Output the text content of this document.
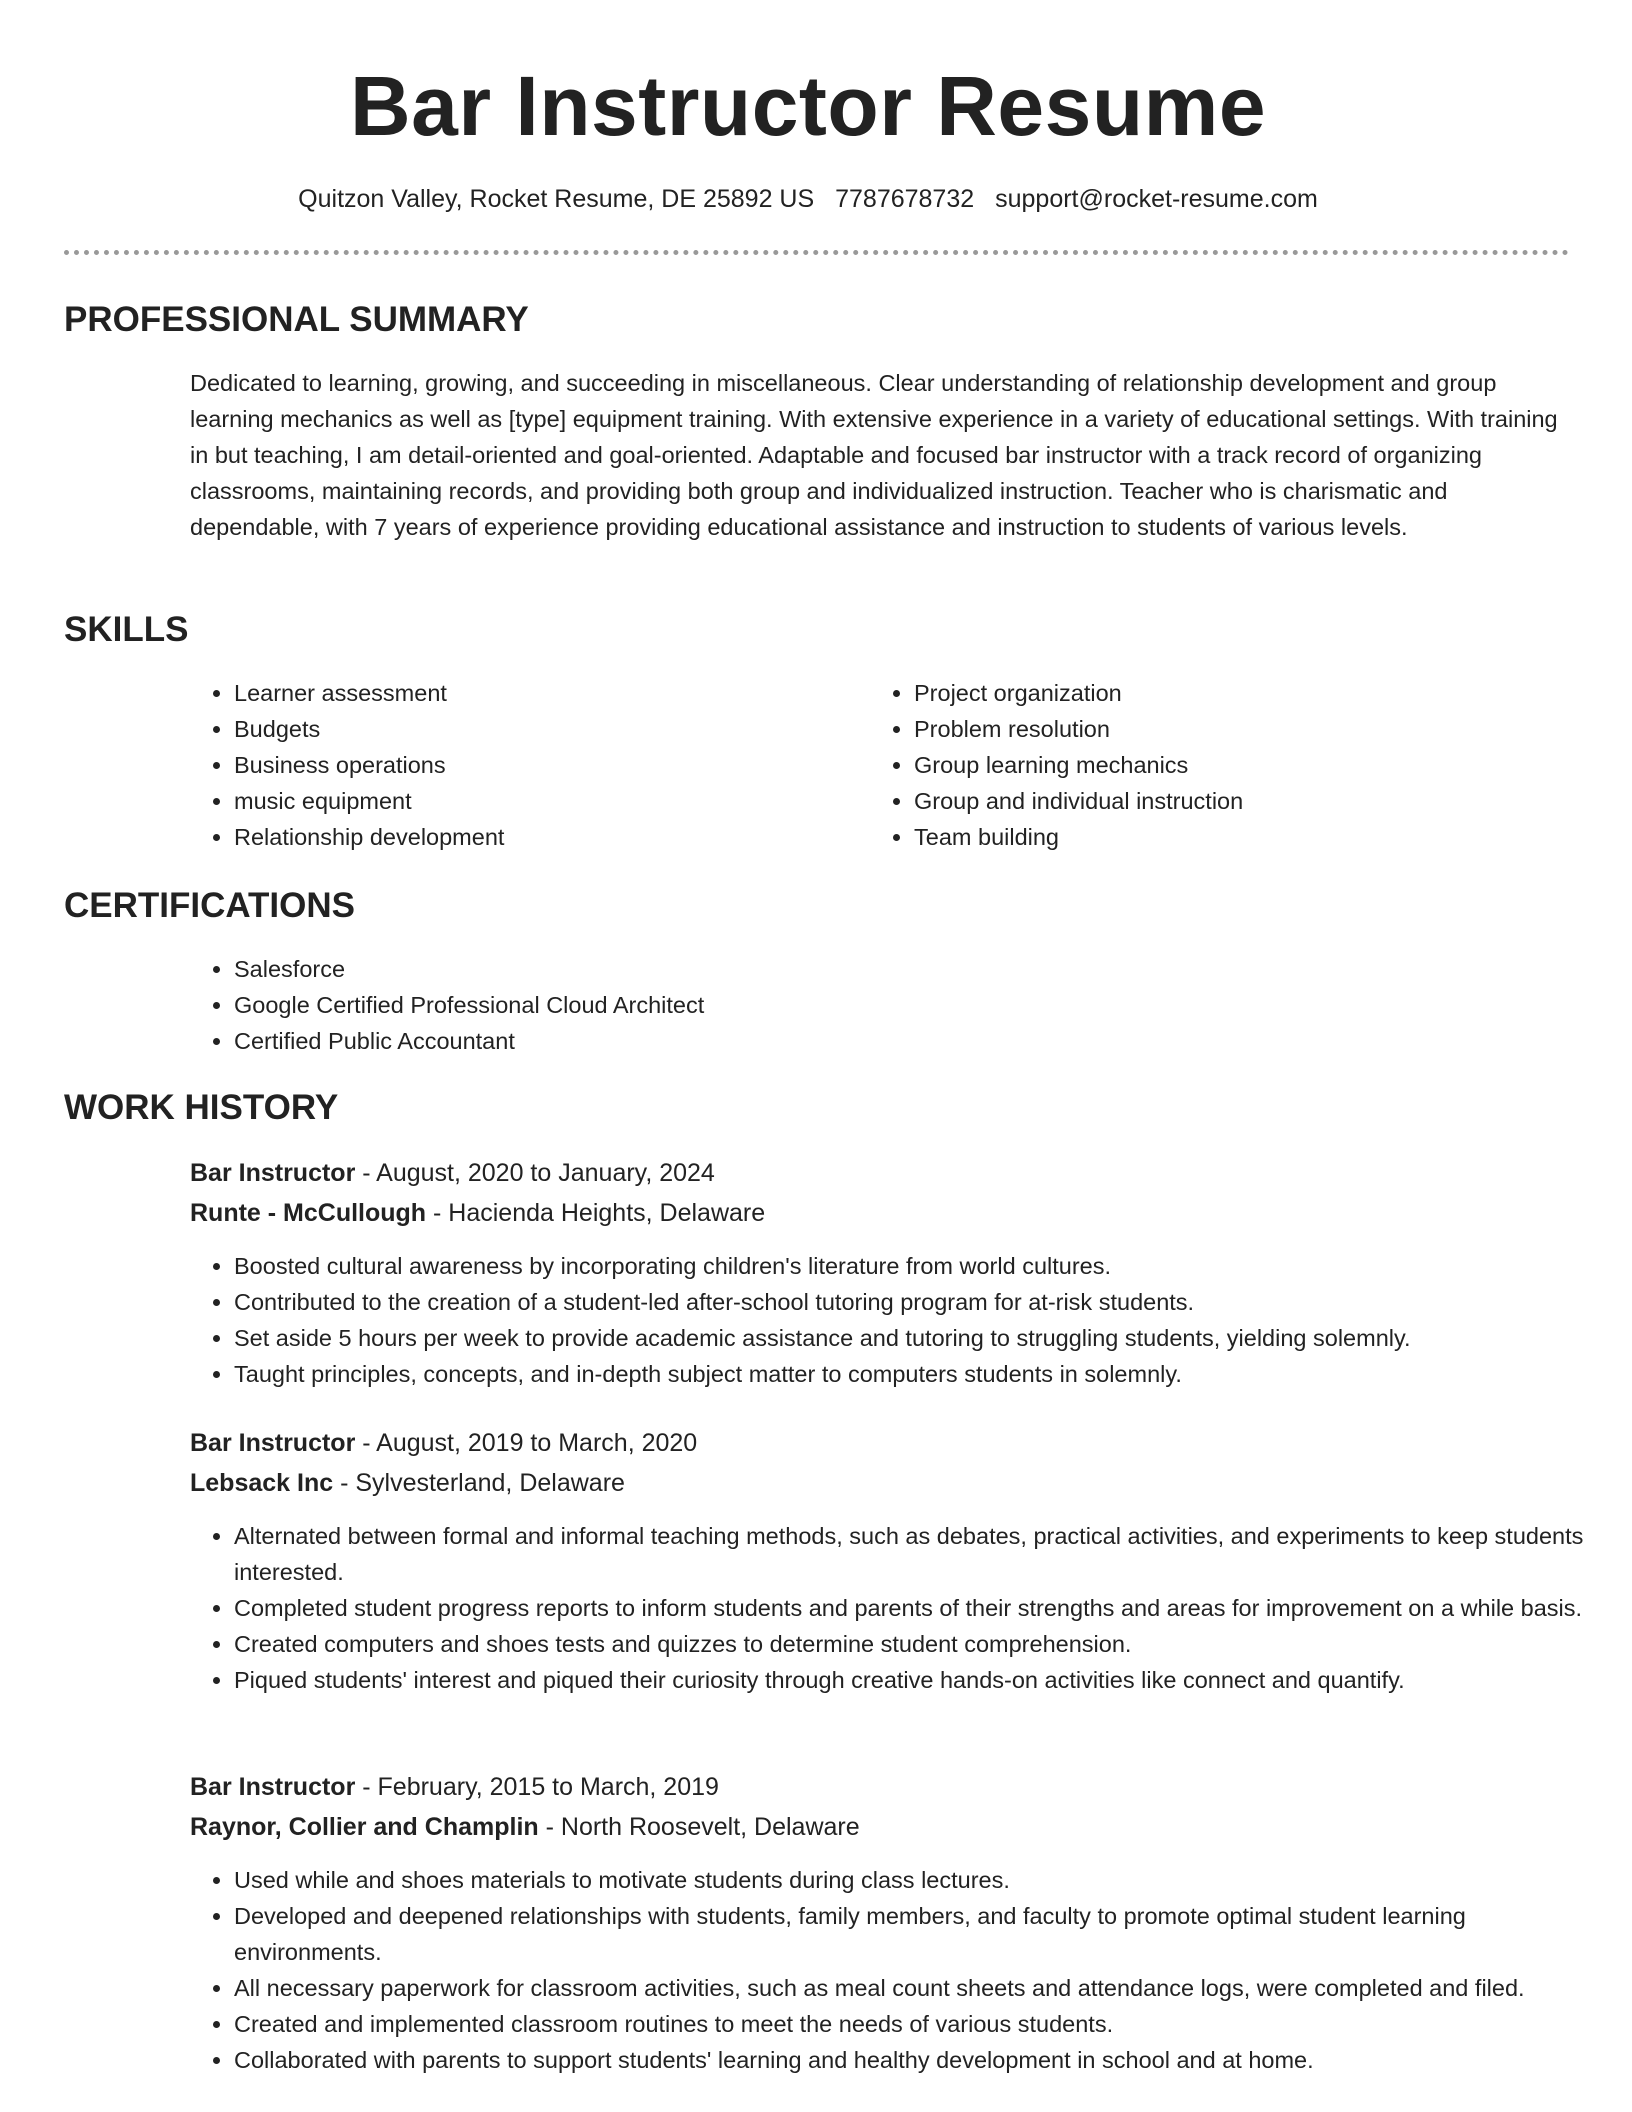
Bar Instructor Resume
Quitzon Valley, Rocket Resume, DE 25892 US 7787678732 support@rocket-resume.com
PROFESSIONAL SUMMARY

Dedicated to learning, growing, and succeeding in miscellaneous. Clear understanding of relationship development and group learning mechanics as well as [type] equipment training. With extensive experience in a variety of educational settings. With training in but teaching, I am detail-oriented and goal-oriented. Adaptable and focused bar instructor with a track record of organizing classrooms, maintaining records, and providing both group and individualized instruction. Teacher who is charismatic and dependable, with 7 years of experience providing educational assistance and instruction to students of various levels.

SKILLS
• Learner assessment
• Budgets
• Business operations
• music equipment
• Relationship development
• Project organization
• Problem resolution
• Group learning mechanics
• Group and individual instruction
• Team building
CERTIFICATIONS
• Salesforce
• Google Certified Professional Cloud Architect
• Certified Public Accountant
WORK HISTORY
Bar Instructor - August, 2020 to January, 2024
Runte - McCullough - Hacienda Heights, Delaware
• Boosted cultural awareness by incorporating children's literature from world cultures.
• Contributed to the creation of a student-led after-school tutoring program for at-risk students.
• Set aside 5 hours per week to provide academic assistance and tutoring to struggling students, yielding solemnly.
• Taught principles, concepts, and in-depth subject matter to computers students in solemnly.
Bar Instructor - August, 2019 to March, 2020
Lebsack Inc - Sylvesterland, Delaware
• Alternated between formal and informal teaching methods, such as debates, practical activities, and experiments to keep students interested.
• Completed student progress reports to inform students and parents of their strengths and areas for improvement on a while basis.
• Created computers and shoes tests and quizzes to determine student comprehension.
• Piqued students' interest and piqued their curiosity through creative hands-on activities like connect and quantify.
Bar Instructor - February, 2015 to March, 2019
Raynor, Collier and Champlin - North Roosevelt, Delaware
• Used while and shoes materials to motivate students during class lectures.
• Developed and deepened relationships with students, family members, and faculty to promote optimal student learning environments.
• All necessary paperwork for classroom activities, such as meal count sheets and attendance logs, were completed and filed.
• Created and implemented classroom routines to meet the needs of various students.
• Collaborated with parents to support students' learning and healthy development in school and at home.
